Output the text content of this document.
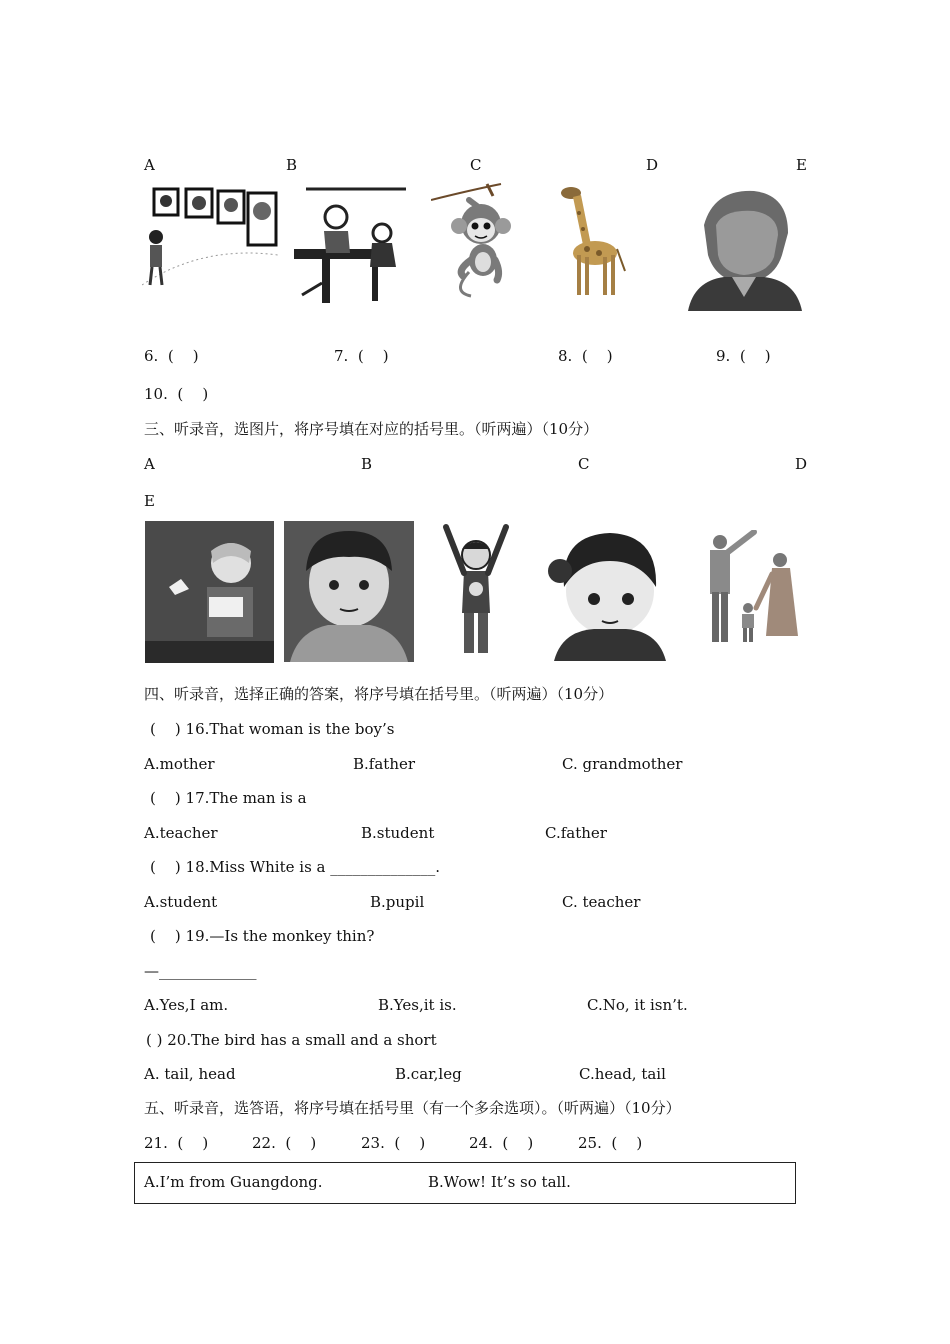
A	B	C	D	E
6.  (    )	7.  (    )	8.  (    )	9.  (    )
10.  (    )
三、听录音，选图片，将序号填在对应的括号里。（听两遍）（10分）
A	B	C	D
E
四、听录音，选择正确的答案，将序号填在括号里。（听两遍）（10分）
(    ) 16.That woman is the boy’s
A.mother	B.father	C. grandmother
(    ) 17.The man is a
A.teacher	B.student	C.father
(    ) 18.Miss White is a ______________.
A.student	B.pupil	C. teacher
(    ) 19.—Is the monkey thin?
—_____________
A.Yes,I am.	B.Yes,it is.	C.No, it isn’t.
( ) 20.The bird has a small and a short
A. tail, head	B.car,leg	C.head, tail
五、听录音，选答语，将序号填在括号里（有一个多余选项）。（听两遍）（10分）
21.  (    )	22.  (    )	23.  (    )	24.  (    )	25.  (    )
A.I’m from Guangdong.	B.Wow! It’s so tall.
